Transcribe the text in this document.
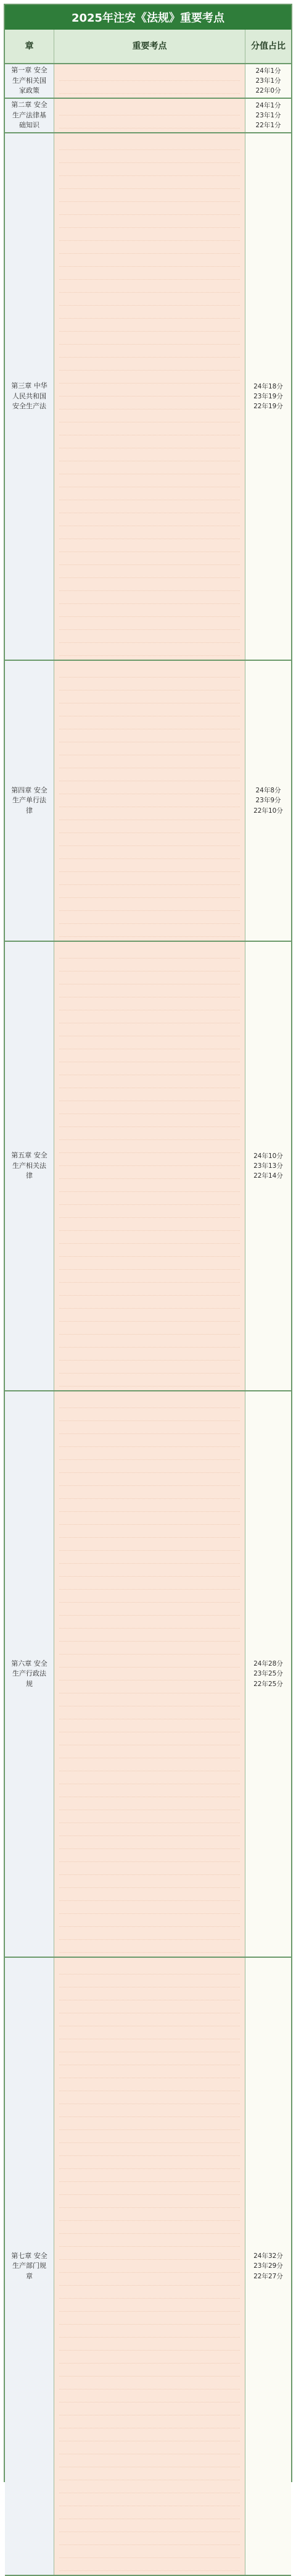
2025年注安《法规》重要考点
章	重要考点	分值占比
第一章 安全生产相关国家政策
24年1分
23年1分
22年0分
第二章 安全生产法律基础知识
24年1分
23年1分
22年1分
第三章 中华人民共和国安全生产法
24年18分
23年19分
22年19分
第四章 安全生产单行法律
24年8分
23年9分
22年10分
第五章 安全生产相关法律
24年10分
23年13分
22年14分
第六章 安全生产行政法规
24年28分
23年25分
22年25分
第七章 安全生产部门规章
24年32分
23年29分
22年27分
